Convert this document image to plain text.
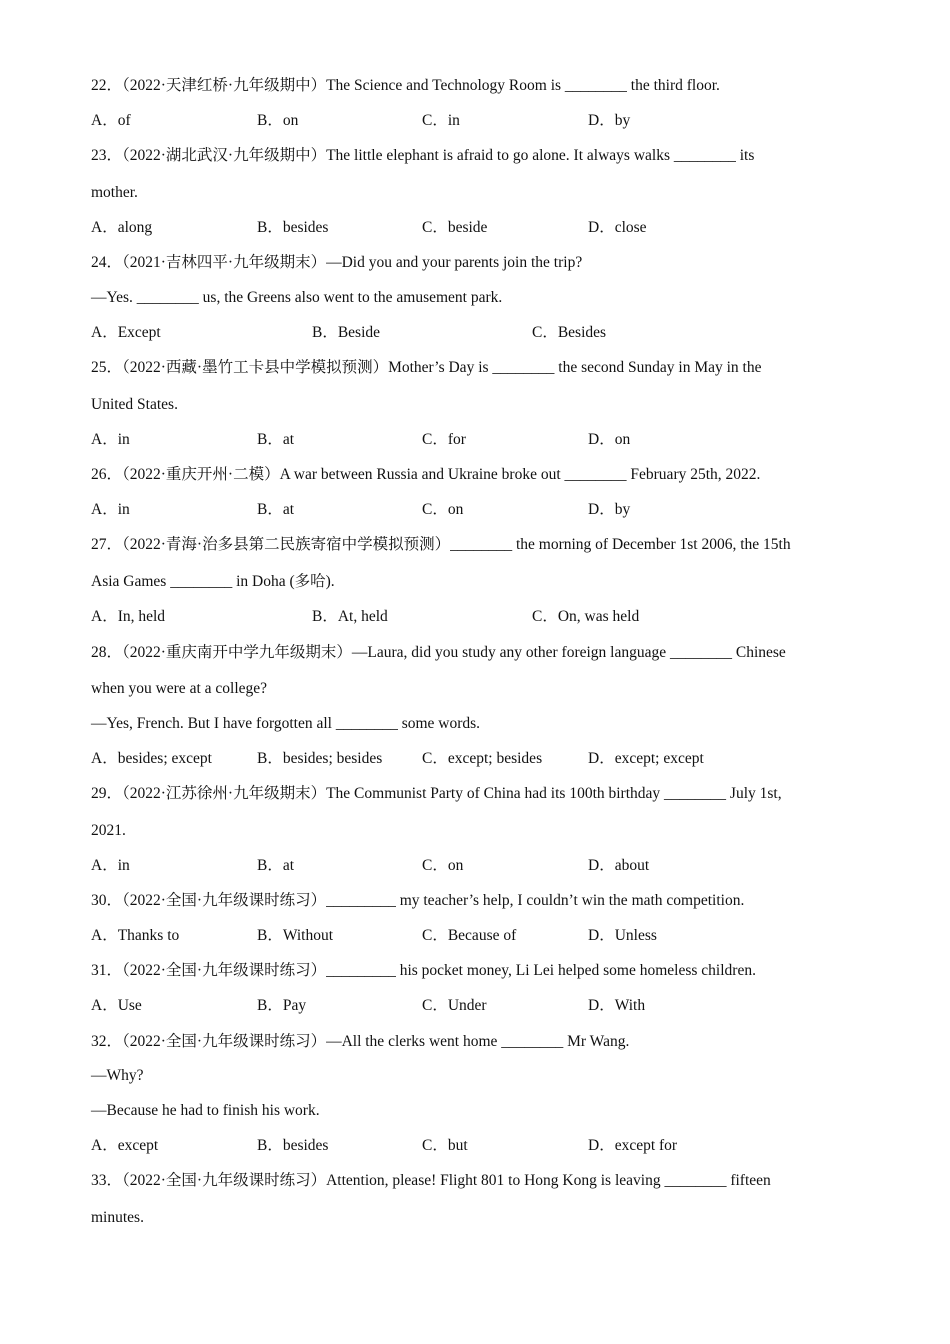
22．（2022·天津红桥·九年级期中）The Science and Technology Room is ________ the third floor.
A．of	B．on	C．in	D．by
23．（2022·湖北武汉·九年级期中）The little elephant is afraid to go alone. It always walks ________ its
mother.
A．along	B．besides	C．beside	D．close
24．（2021·吉林四平·九年级期末）—Did you and your parents join the trip?
—Yes. ________ us, the Greens also went to the amusement park.
A．Except	B．Beside	C．Besides
25．（2022·西藏·墨竹工卡县中学模拟预测）Mother’s Day is ________ the second Sunday in May in the
United States.
A．in	B．at	C．for	D．on
26．（2022·重庆开州·二模）A war between Russia and Ukraine broke out ________ February 25th, 2022.
A．in	B．at	C．on	D．by
27．（2022·青海·治多县第二民族寄宿中学模拟预测）________ the morning of December 1st 2006, the 15th
Asia Games ________ in Doha (多哈).
A．In, held	B．At, held	C．On, was held
28．（2022·重庆南开中学九年级期末）—Laura, did you study any other foreign language ________ Chinese
when you were at a college?
—Yes, French. But I have forgotten all ________ some words.
A．besides; except	B．besides; besides	C．except; besides	D．except; except
29．（2022·江苏徐州·九年级期末）The Communist Party of China had its 100th birthday ________ July 1st,
2021.
A．in	B．at	C．on	D．about
30．（2022·全国·九年级课时练习）_________ my teacher’s help, I couldn’t win the math competition.
A．Thanks to	B．Without	C．Because of	D．Unless
31．（2022·全国·九年级课时练习）_________ his pocket money, Li Lei helped some homeless children.
A．Use	B．Pay	C．Under	D．With
32．（2022·全国·九年级课时练习）—All the clerks went home ________ Mr Wang.
—Why?
—Because he had to finish his work.
A．except	B．besides	C．but	D．except for
33．（2022·全国·九年级课时练习）Attention, please! Flight 801 to Hong Kong is leaving ________ fifteen
minutes.
